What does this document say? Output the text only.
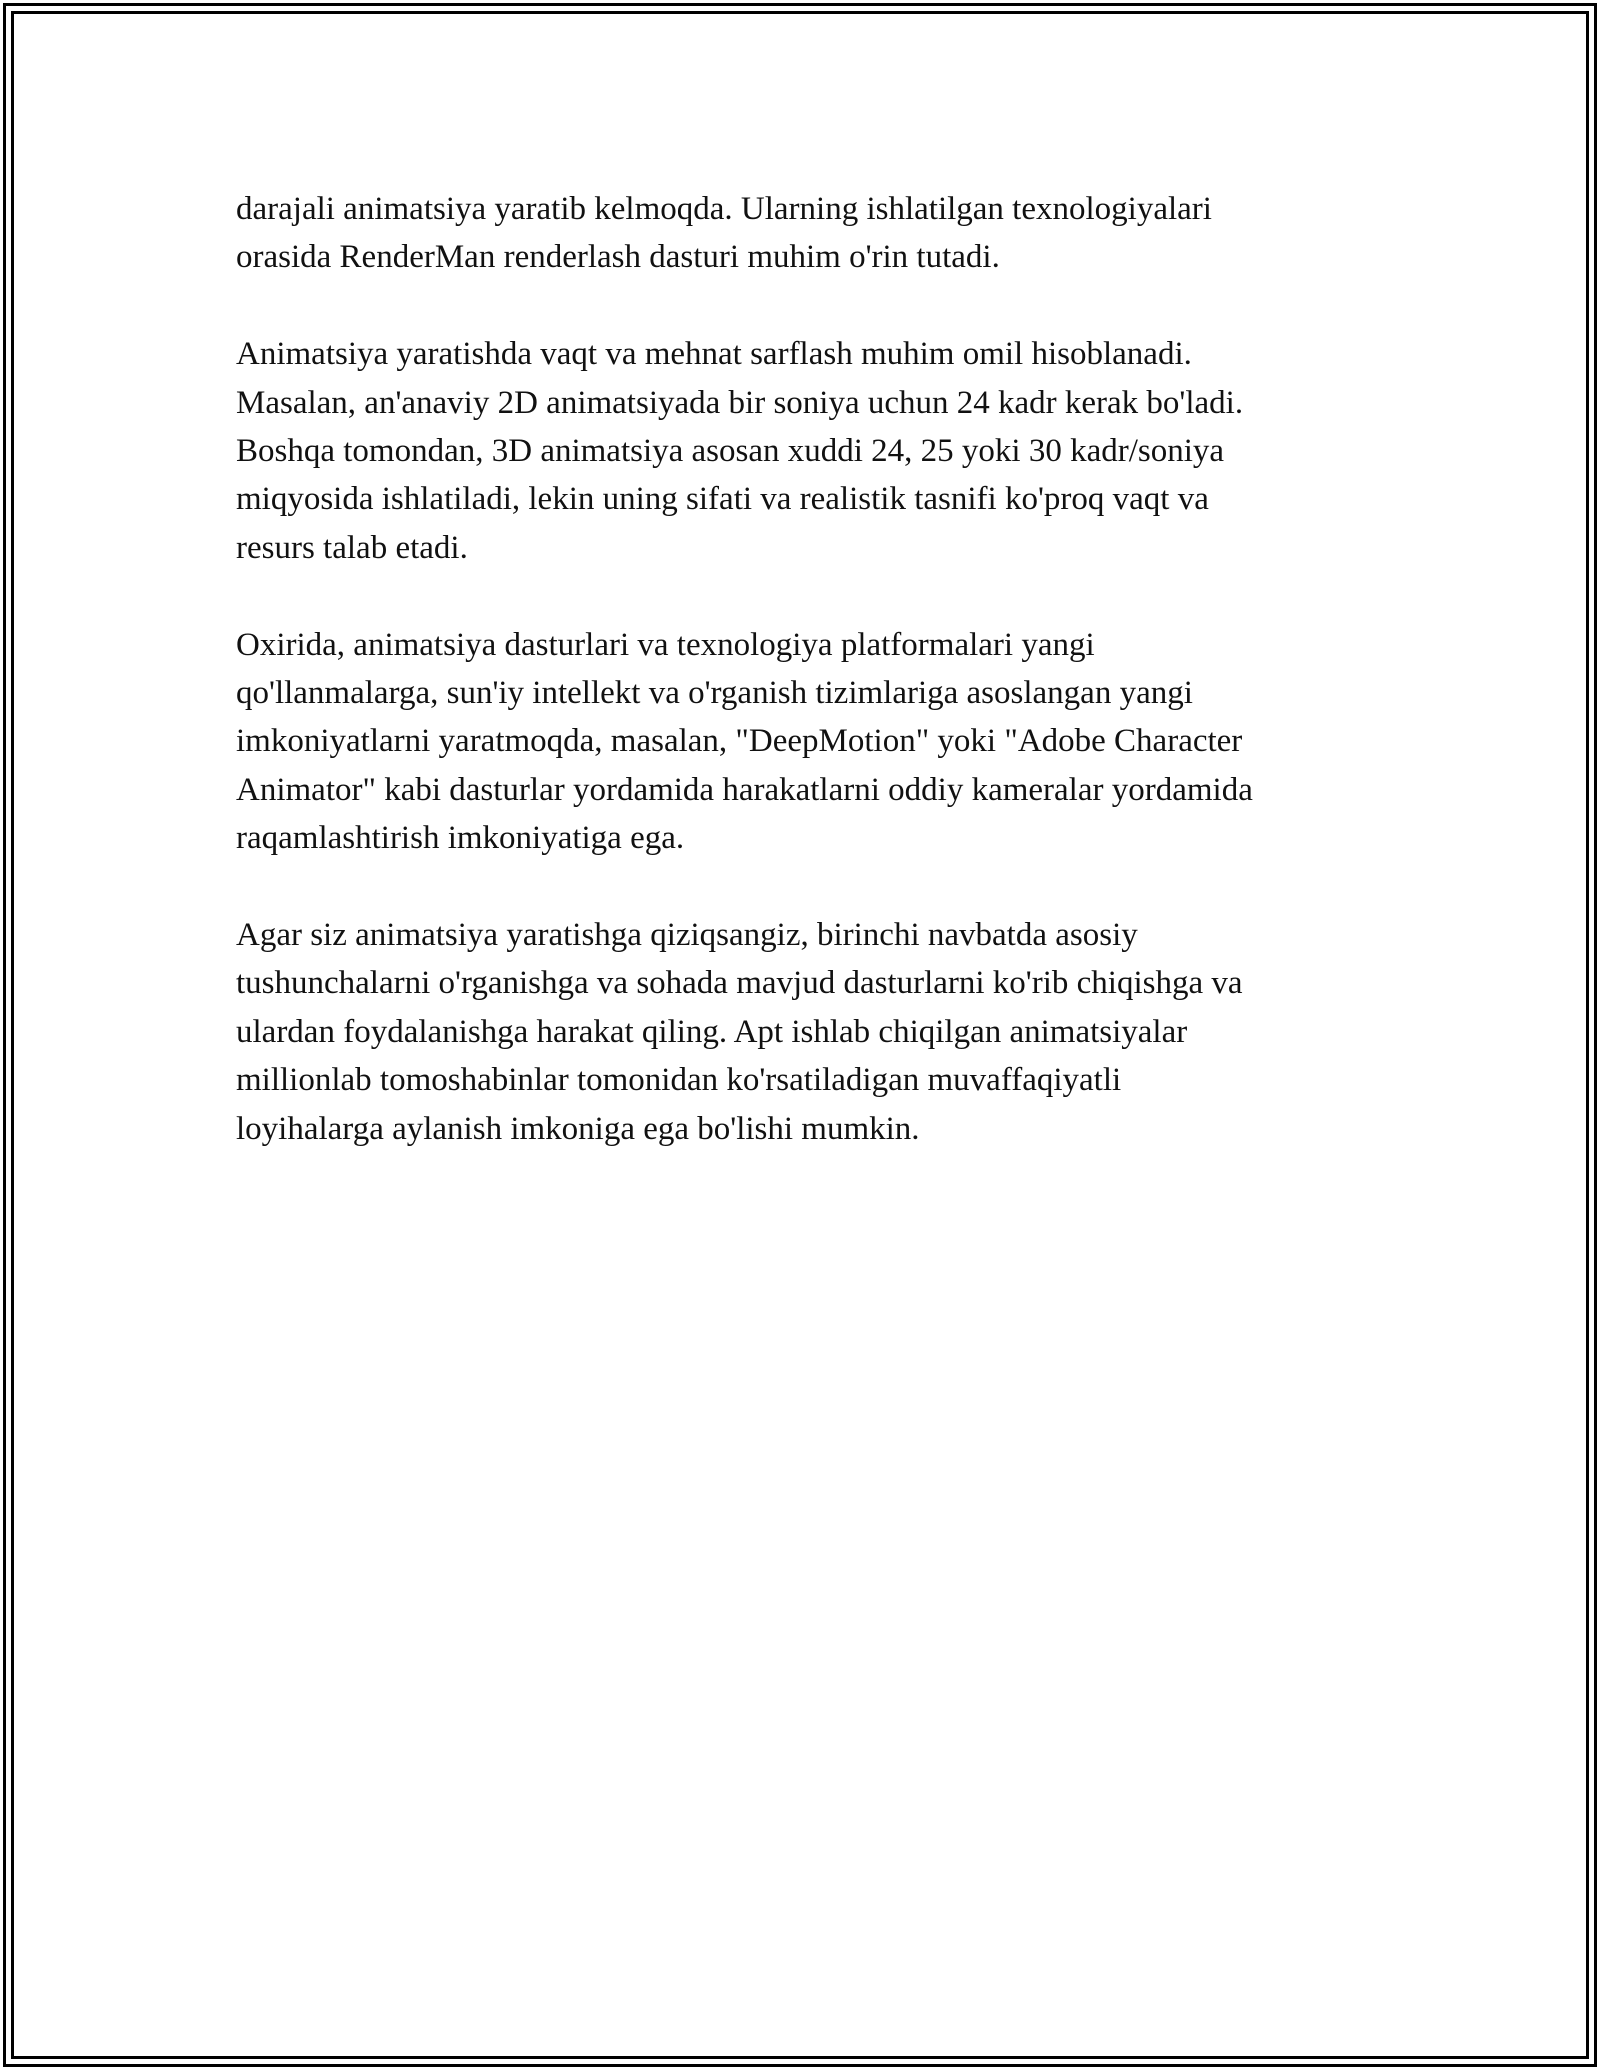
darajali animatsiya yaratib kelmoqda. Ularning ishlatilgan texnologiyalari
orasida RenderMan renderlash dasturi muhim o'rin tutadi.

Animatsiya yaratishda vaqt va mehnat sarflash muhim omil hisoblanadi.
Masalan, an'anaviy 2D animatsiyada bir soniya uchun 24 kadr kerak bo'ladi.
Boshqa tomondan, 3D animatsiya asosan xuddi 24, 25 yoki 30 kadr/soniya
miqyosida ishlatiladi, lekin uning sifati va realistik tasnifi ko'proq vaqt va
resurs talab etadi.

Oxirida, animatsiya dasturlari va texnologiya platformalari yangi
qo'llanmalarga, sun'iy intellekt va o'rganish tizimlariga asoslangan yangi
imkoniyatlarni yaratmoqda, masalan, "DeepMotion" yoki "Adobe Character
Animator" kabi dasturlar yordamida harakatlarni oddiy kameralar yordamida
raqamlashtirish imkoniyatiga ega.

Agar siz animatsiya yaratishga qiziqsangiz, birinchi navbatda asosiy
tushunchalarni o'rganishga va sohada mavjud dasturlarni ko'rib chiqishga va
ulardan foydalanishga harakat qiling. Apt ishlab chiqilgan animatsiyalar
millionlab tomoshabinlar tomonidan ko'rsatiladigan muvaffaqiyatli
loyihalarga aylanish imkoniga ega bo'lishi mumkin.
